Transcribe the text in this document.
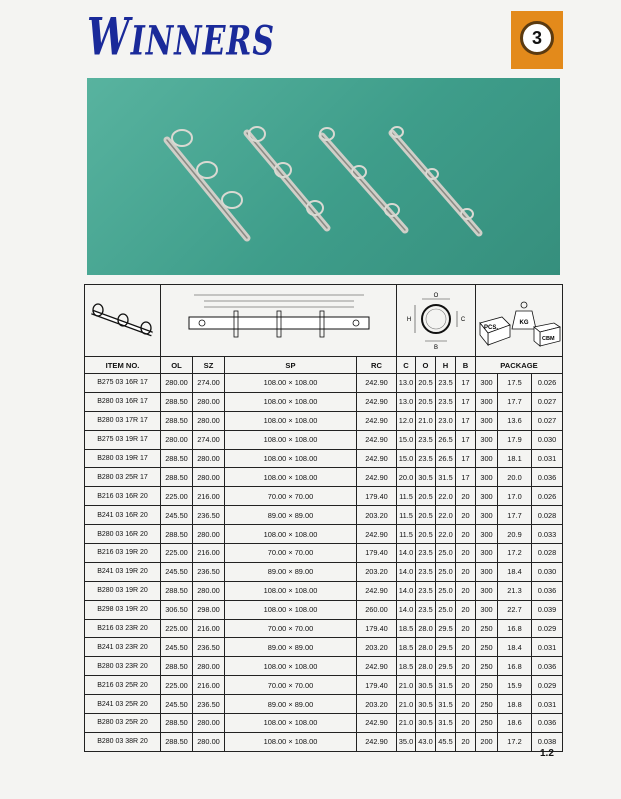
WINNERS	3

O
H C
B				PCS.
KG
CBM		

ITEM NO.	OL	SZ	SP	RC	C	O	H	B	PACKAGE		
B275 03 16R 17	280.00	274.00	108.00 × 108.00	242.90	13.0	20.5	23.5	17	300	17.5	0.026
B280 03 16R 17	288.50	280.00	108.00 × 108.00	242.90	13.0	20.5	23.5	17	300	17.7	0.027
B280 03 17R 17	288.50	280.00	108.00 × 108.00	242.90	12.0	21.0	23.0	17	300	13.6	0.027
B275 03 19R 17	280.00	274.00	108.00 × 108.00	242.90	15.0	23.5	26.5	17	300	17.9	0.030
B280 03 19R 17	288.50	280.00	108.00 × 108.00	242.90	15.0	23.5	26.5	17	300	18.1	0.031
B280 03 25R 17	288.50	280.00	108.00 × 108.00	242.90	20.0	30.5	31.5	17	300	20.0	0.036
B216 03 16R 20	225.00	216.00	70.00 × 70.00	179.40	11.5	20.5	22.0	20	300	17.0	0.026
B241 03 16R 20	245.50	236.50	89.00 × 89.00	203.20	11.5	20.5	22.0	20	300	17.7	0.028
B280 03 16R 20	288.50	280.00	108.00 × 108.00	242.90	11.5	20.5	22.0	20	300	20.9	0.033
B216 03 19R 20	225.00	216.00	70.00 × 70.00	179.40	14.0	23.5	25.0	20	300	17.2	0.028
B241 03 19R 20	245.50	236.50	89.00 × 89.00	203.20	14.0	23.5	25.0	20	300	18.4	0.030
B280 03 19R 20	288.50	280.00	108.00 × 108.00	242.90	14.0	23.5	25.0	20	300	21.3	0.036
B298 03 19R 20	306.50	298.00	108.00 × 108.00	260.00	14.0	23.5	25.0	20	300	22.7	0.039
B216 03 23R 20	225.00	216.00	70.00 × 70.00	179.40	18.5	28.0	29.5	20	250	16.8	0.029
B241 03 23R 20	245.50	236.50	89.00 × 89.00	203.20	18.5	28.0	29.5	20	250	18.4	0.031
B280 03 23R 20	288.50	280.00	108.00 × 108.00	242.90	18.5	28.0	29.5	20	250	16.8	0.036
B216 03 25R 20	225.00	216.00	70.00 × 70.00	179.40	21.0	30.5	31.5	20	250	15.9	0.029
B241 03 25R 20	245.50	236.50	89.00 × 89.00	203.20	21.0	30.5	31.5	20	250	18.8	0.031
B280 03 25R 20	288.50	280.00	108.00 × 108.00	242.90	21.0	30.5	31.5	20	250	18.6	0.036
B280 03 38R 20	288.50	280.00	108.00 × 108.00	242.90	35.0	43.0	45.5	20	200	17.2	0.038
1.2
